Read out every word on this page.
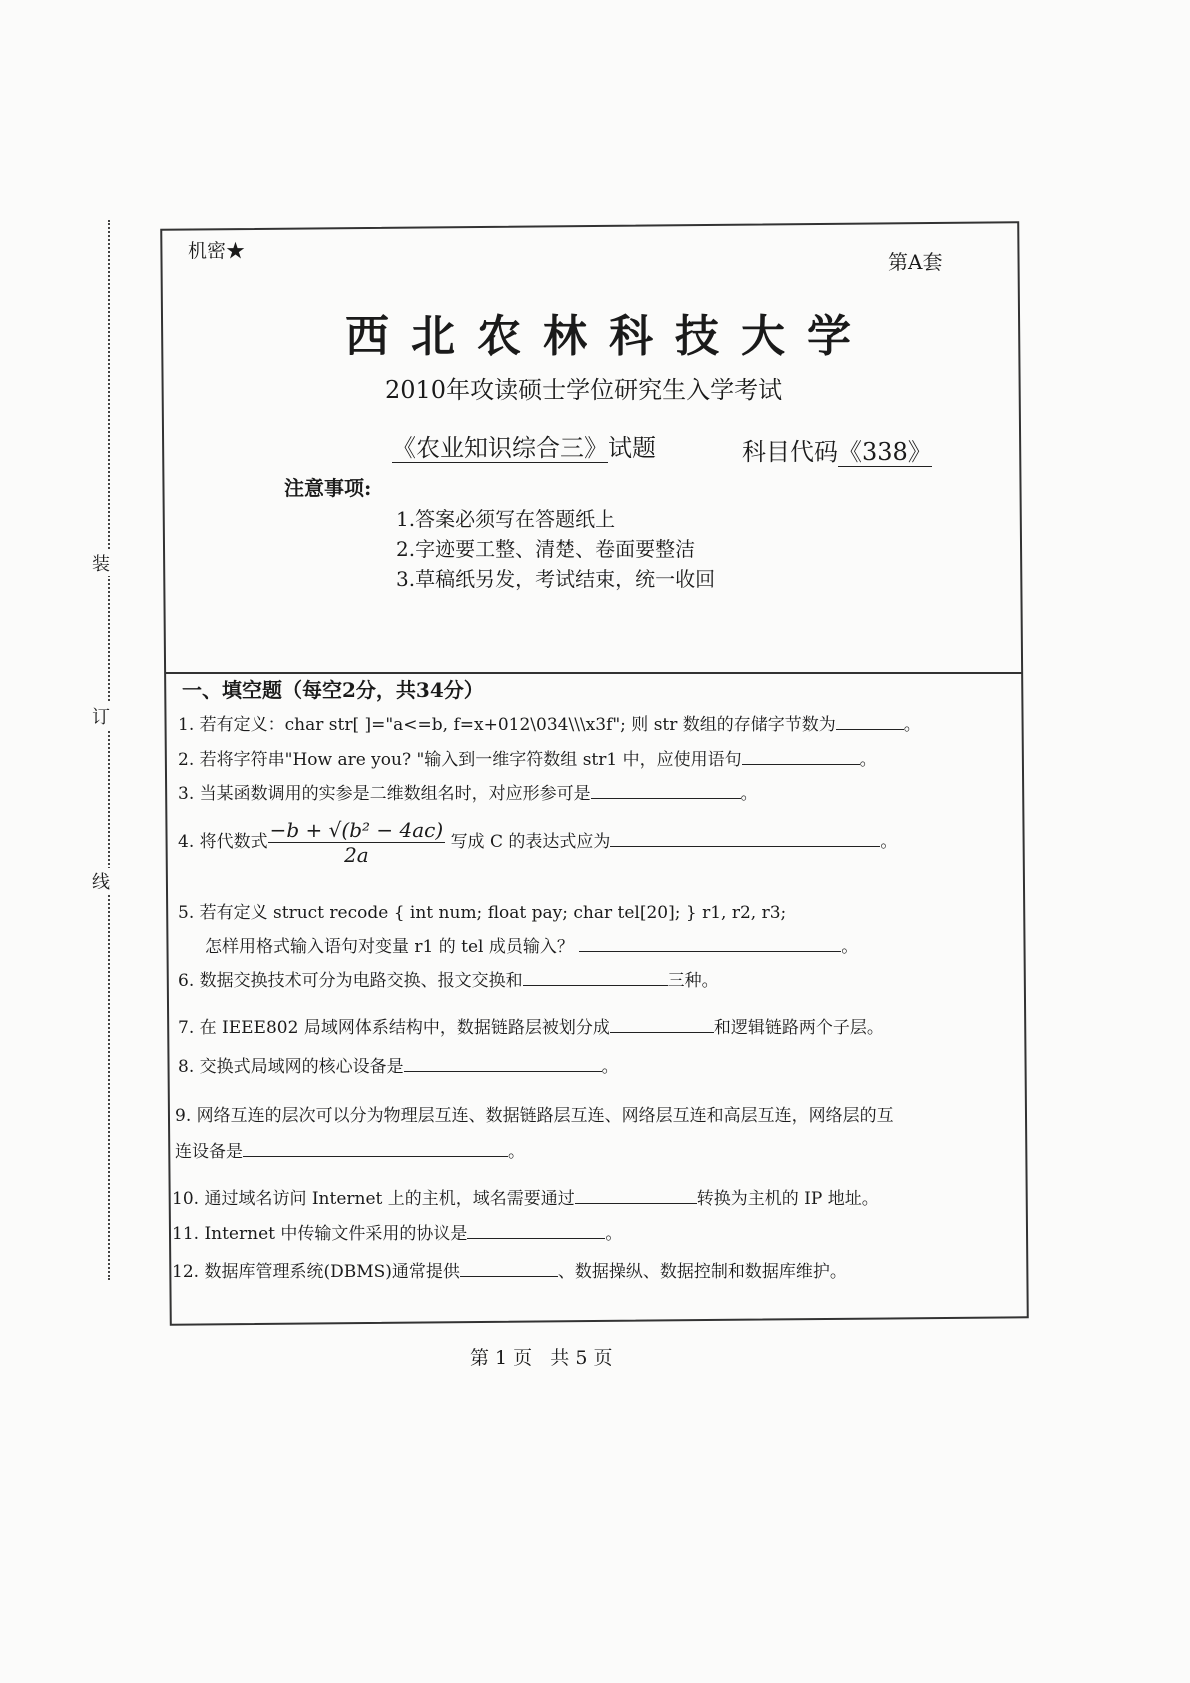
装
订
线
机密★	第A套
西北农林科技大学
2010年攻读硕士学位研究生入学考试
《农业知识综合三》试题	科目代码《338》
注意事项:
1.答案必须写在答题纸上
2.字迹要工整、清楚、卷面要整洁
3.草稿纸另发，考试结束，统一收回
一、填空题（每空2分，共34分）
1. 若有定义：char str[ ]="a<=b, f=x+012\034\\\x3f"; 则 str 数组的存储字节数为	。
2. 若将字符串"How are you? "输入到一维字符数组 str1 中，应使用语句	。
3. 当某函数调用的实参是二维数组名时，对应形参可是	。
4. 将代数式 $\frac{\text{−b + √(b² − 4ac)}}{2a}$ 写成 C 的表达式应为	。
5. 若有定义 struct recode { int num; float pay; char tel[20]; } r1, r2, r3;
怎样用格式输入语句对变量 r1 的 tel 成员输入？	。
6. 数据交换技术可分为电路交换、报文交换和	三种。
7. 在 IEEE802 局域网体系结构中，数据链路层被划分成	和逻辑链路两个子层。
8. 交换式局域网的核心设备是	。
9. 网络互连的层次可以分为物理层互连、数据链路层互连、网络层互连和高层互连，网络层的互
连设备是	。
10. 通过域名访问 Internet 上的主机，域名需要通过	转换为主机的 IP 地址。
11. Internet 中传输文件采用的协议是	。
12. 数据库管理系统(DBMS)通常提供	、数据操纵、数据控制和数据库维护。
第 1 页 共 5 页
